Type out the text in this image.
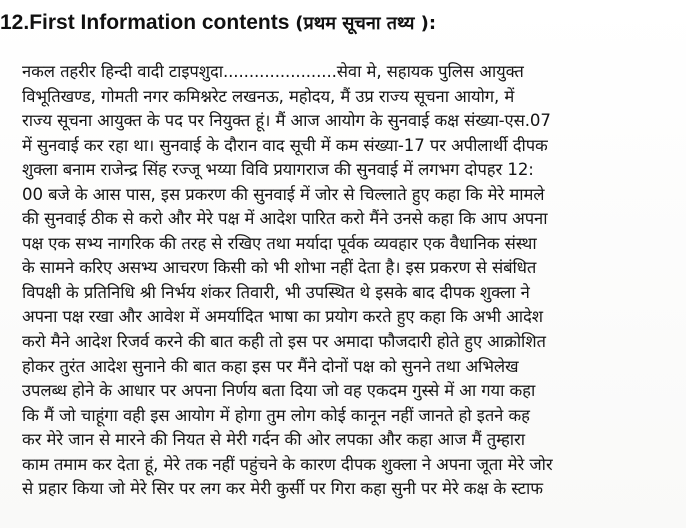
12.First Information contents (प्रथम सूचना तथ्य ):
नकल तहरीर हिन्दी वादी टाइपशुदा......................सेवा मे, सहायक पुलिस आयुक्त
विभूतिखण्ड, गोमती नगर कमिश्नरेट लखनऊ, महोदय, मैं उप्र राज्य सूचना आयोग, में
राज्य सूचना आयुक्त के पद पर नियुक्त हूं। मैं आज आयोग के सुनवाई कक्ष संख्या-एस.07
में सुनवाई कर रहा था। सुनवाई के दौरान वाद सूची में कम संख्या-17 पर अपीलार्थी दीपक
शुक्ला बनाम राजेन्द्र सिंह रज्जू भय्या विवि प्रयागराज की सुनवाई में लगभग दोपहर 12:
00 बजे के आस पास, इस प्रकरण की सुनवाई में जोर से चिल्लाते हुए कहा कि मेरे मामले
की सुनवाई ठीक से करो और मेरे पक्ष में आदेश पारित करो मैंने उनसे कहा कि आप अपना
पक्ष एक सभ्य नागरिक की तरह से रखिए तथा मर्यादा पूर्वक व्यवहार एक वैधानिक संस्था
के सामने करिए असभ्य आचरण किसी को भी शोभा नहीं देता है। इस प्रकरण से संबंधित
विपक्षी के प्रतिनिधि श्री निर्भय शंकर तिवारी, भी उपस्थित थे इसके बाद दीपक शुक्ला ने
अपना पक्ष रखा और आवेश में अमर्यादित भाषा का प्रयोग करते हुए कहा कि अभी आदेश
करो मैने आदेश रिजर्व करने की बात कही तो इस पर अमादा फौजदारी होते हुए आक्रोशित
होकर तुरंत आदेश सुनाने की बात कहा इस पर मैंने दोनों पक्ष को सुनने तथा अभिलेख
उपलब्ध होने के आधार पर अपना निर्णय बता दिया जो वह एकदम गुस्से में आ गया कहा
कि मैं जो चाहूंगा वही इस आयोग में होगा तुम लोग कोई कानून नहीं जानते हो इतने कह
कर मेरे जान से मारने की नियत से मेरी गर्दन की ओर लपका और कहा आज मैं तुम्हारा
काम तमाम कर देता हूं, मेरे तक नहीं पहुंचने के कारण दीपक शुक्ला ने अपना जूता मेरे जोर
से प्रहार किया जो मेरे सिर पर लग कर मेरी कुर्सी पर गिरा कहा सुनी पर मेरे कक्ष के स्टाफ
